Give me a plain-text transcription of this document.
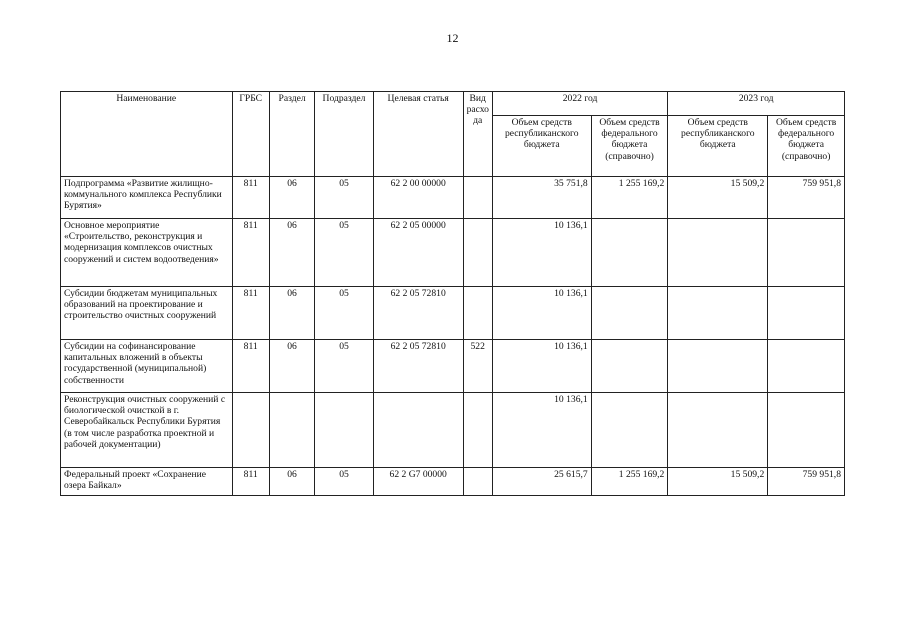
12
Наименование	ГРБС	Раздел	Подраздел	Целевая статья	Вид расхо да	2022 год		2023 год	
						Объем средств республиканского бюджета	Объем средств федерального бюджета (справочно)	Объем средств республиканского бюджета	Объем средств федерального бюджета (справочно)
Подпрограмма «Развитие жилищно-коммунального комплекса Республики Бурятия»	811	06	05	62 2 00 00000		35 751,8	1 255 169,2	15 509,2	759 951,8
Основное мероприятие «Строительство, реконструкция и модернизация комплексов очистных сооружений и систем водоотведения»	811	06	05	62 2 05 00000		10 136,1			
Субсидии бюджетам муниципальных образований на проектирование и строительство очистных сооружений	811	06	05	62 2 05 72810		10 136,1			
Субсидии на софинансирование капитальных вложений в объекты государственной (муниципальной) собственности	811	06	05	62 2 05 72810	522	10 136,1			
Реконструкция очистных сооружений с биологической очисткой в г. Северобайкальск Республики Бурятия (в том числе разработка проектной и рабочей документации)						10 136,1			
Федеральный проект «Сохранение озера Байкал»	811	06	05	62 2 G7 00000		25 615,7	1 255 169,2	15 509,2	759 951,8
